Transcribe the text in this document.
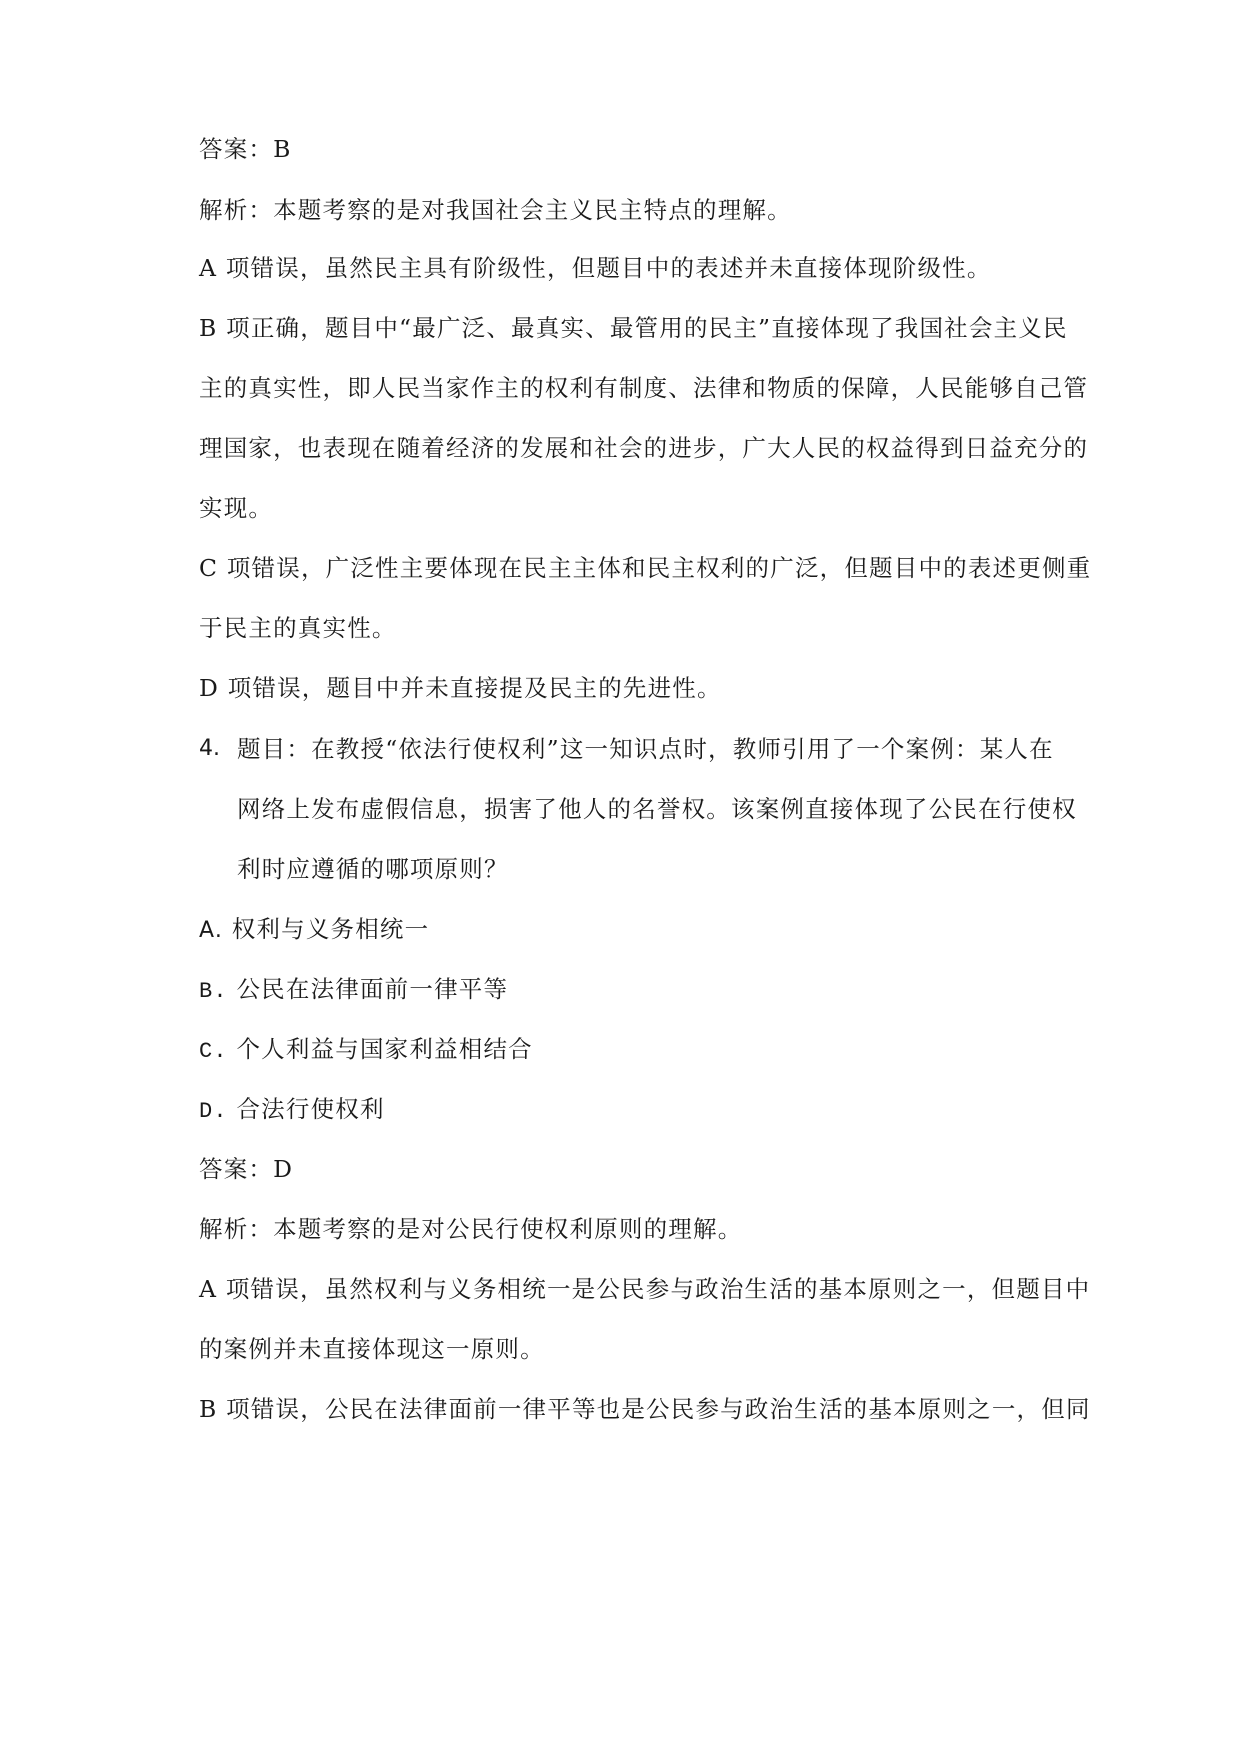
答案：B
解析：本题考察的是对我国社会主义民主特点的理解。
A 项错误，虽然民主具有阶级性，但题目中的表述并未直接体现阶级性。
B 项正确，题目中“最广泛、最真实、最管用的民主”直接体现了我国社会主义民
主的真实性，即人民当家作主的权利有制度、法律和物质的保障，人民能够自己管
理国家，也表现在随着经济的发展和社会的进步，广大人民的权益得到日益充分的
实现。
C 项错误，广泛性主要体现在民主主体和民主权利的广泛，但题目中的表述更侧重
于民主的真实性。
D 项错误，题目中并未直接提及民主的先进性。
4. 题目：在教授“依法行使权利”这一知识点时，教师引用了一个案例：某人在
网络上发布虚假信息，损害了他人的名誉权。该案例直接体现了公民在行使权
利时应遵循的哪项原则？
A. 权利与义务相统一
B. 公民在法律面前一律平等
C. 个人利益与国家利益相结合
D. 合法行使权利
答案：D
解析：本题考察的是对公民行使权利原则的理解。
A 项错误，虽然权利与义务相统一是公民参与政治生活的基本原则之一，但题目中
的案例并未直接体现这一原则。
B 项错误，公民在法律面前一律平等也是公民参与政治生活的基本原则之一，但同
